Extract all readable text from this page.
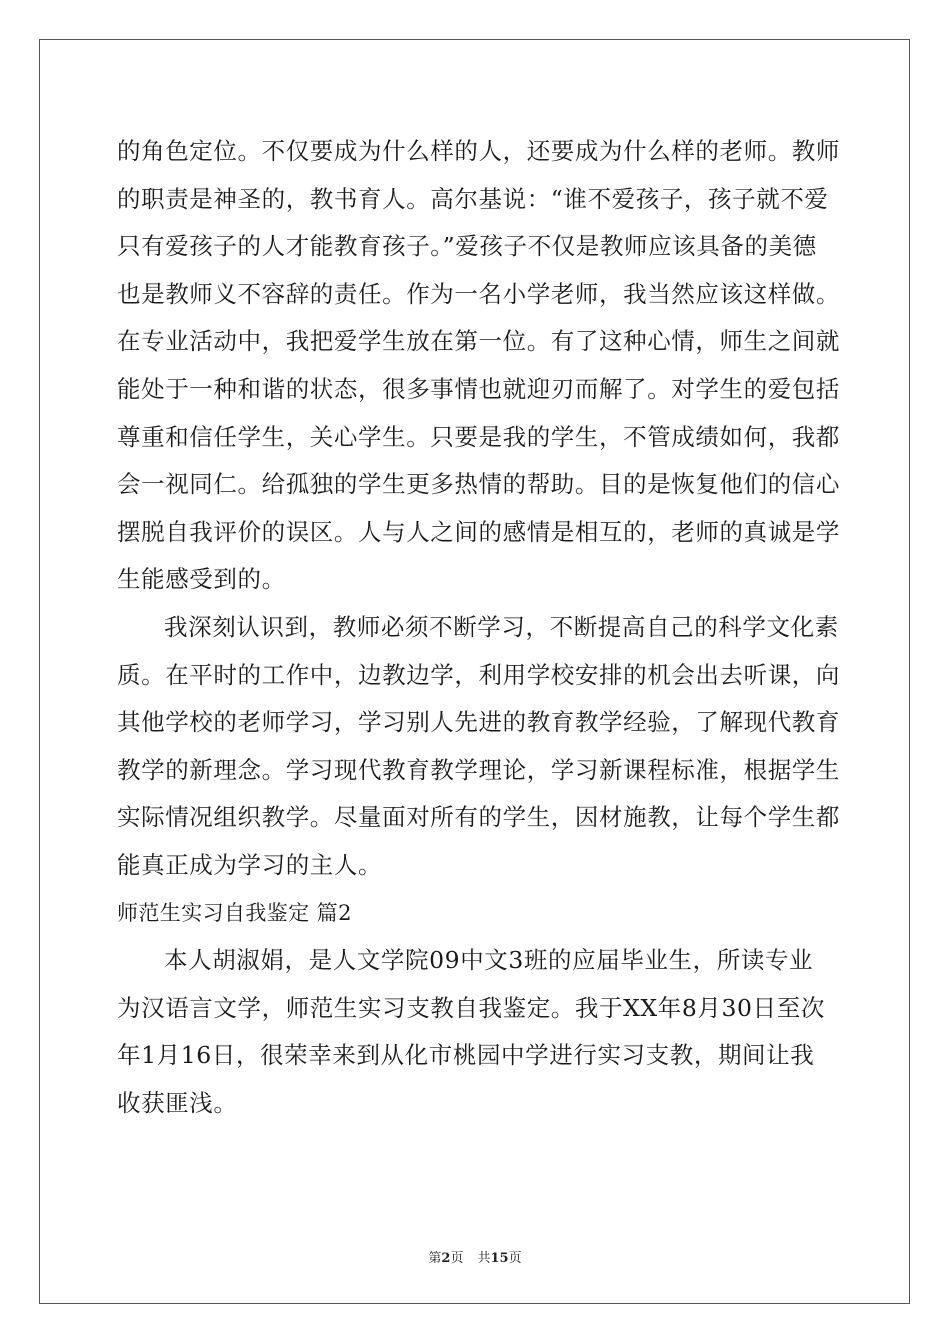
的角色定位。不仅要成为什么样的人，还要成为什么样的老师。教师
的职责是神圣的，教书育人。高尔基说：“谁不爱孩子，孩子就不爱
只有爱孩子的人才能教育孩子。”爱孩子不仅是教师应该具备的美德
也是教师义不容辞的责任。作为一名小学老师，我当然应该这样做。
在专业活动中，我把爱学生放在第一位。有了这种心情，师生之间就
能处于一种和谐的状态，很多事情也就迎刃而解了。对学生的爱包括
尊重和信任学生，关心学生。只要是我的学生，不管成绩如何，我都
会一视同仁。给孤独的学生更多热情的帮助。目的是恢复他们的信心
摆脱自我评价的误区。人与人之间的感情是相互的，老师的真诚是学
生能感受到的。
我深刻认识到，教师必须不断学习，不断提高自己的科学文化素
质。在平时的工作中，边教边学，利用学校安排的机会出去听课，向
其他学校的老师学习，学习别人先进的教育教学经验，了解现代教育
教学的新理念。学习现代教育教学理论，学习新课程标准，根据学生
实际情况组织教学。尽量面对所有的学生，因材施教，让每个学生都
能真正成为学习的主人。
师范生实习自我鉴定 篇2
本人胡淑娟，是人文学院09中文3班的应届毕业生，所读专业
为汉语言文学，师范生实习支教自我鉴定。我于XX年8月30日至次
年1月16日，很荣幸来到从化市桃园中学进行实习支教，期间让我
收获匪浅。
第2页 共15页
